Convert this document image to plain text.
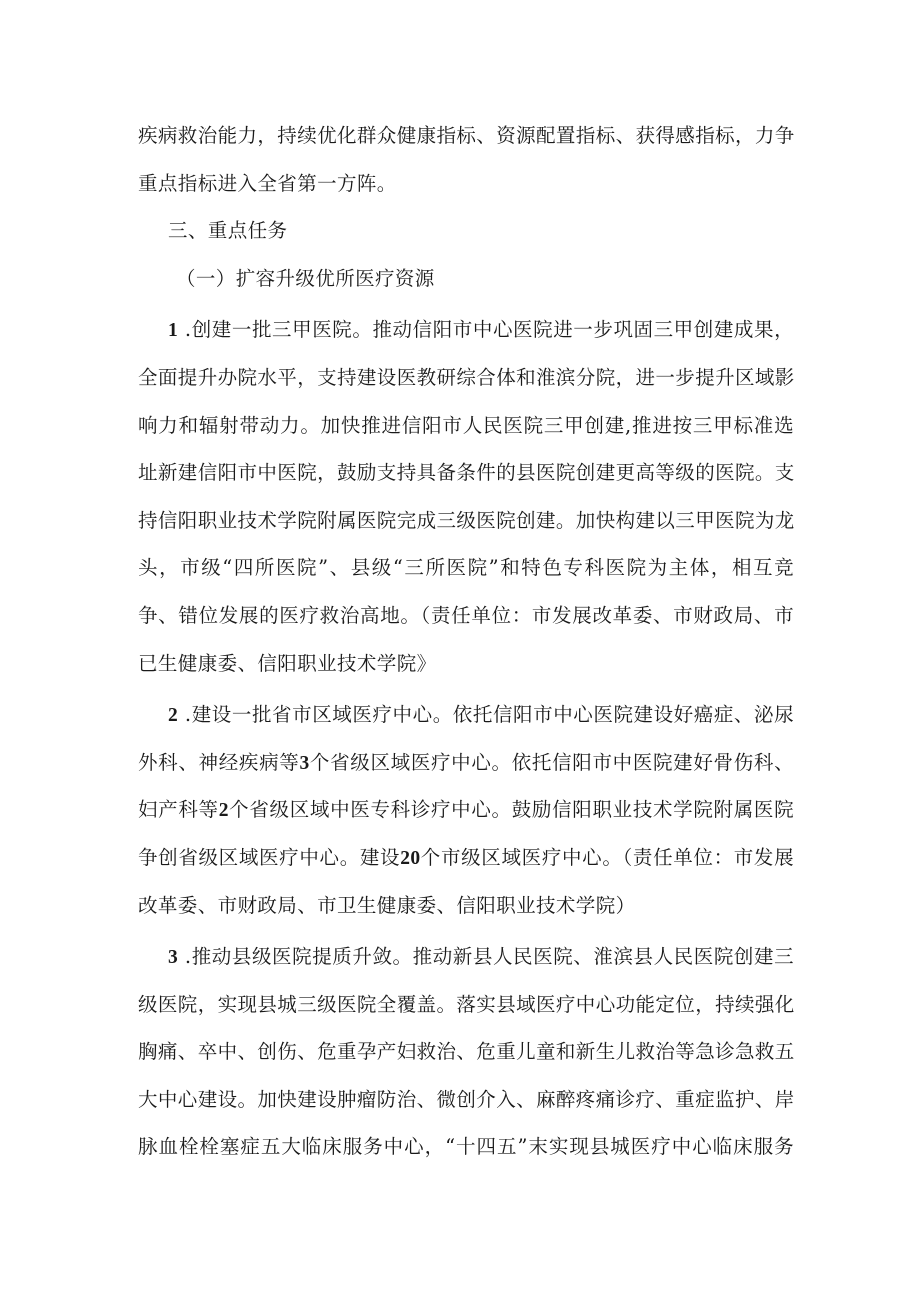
疾病救治能力，持续优化群众健康指标、资源配置指标、获得感指标，力争
重点指标进入全省第一方阵。
三、重点任务
（一）扩容升级优所医疗资源
1 .创建一批三甲医院。推动信阳市中心医院进一步巩固三甲创建成果，
全面提升办院水平，支持建设医教研综合体和淮滨分院，进一步提升区域影
响力和辐射带动力。加快推进信阳市人民医院三甲创建,推进按三甲标准选
址新建信阳市中医院，鼓励支持具备条件的县医院创建更高等级的医院。支
持信阳职业技术学院附属医院完成三级医院创建。加快构建以三甲医院为龙
头，市级“四所医院”、县级“三所医院”和特色专科医院为主体，相互竞
争、错位发展的医疗救治高地。（责任单位：市发展改革委、市财政局、市
已生健康委、信阳职业技术学院》
2 .建设一批省市区域医疗中心。依托信阳市中心医院建设好癌症、泌尿
外科、神经疾病等3个省级区域医疗中心。依托信阳市中医院建好骨伤科、
妇产科等2个省级区域中医专科诊疗中心。鼓励信阳职业技术学院附属医院
争创省级区域医疗中心。建设20个市级区域医疗中心。（责任单位：市发展
改革委、市财政局、市卫生健康委、信阳职业技术学院）
3 .推动县级医院提质升敛。推动新县人民医院、淮滨县人民医院创建三
级医院，实现县城三级医院全覆盖。落实县域医疗中心功能定位，持续强化
胸痛、卒中、创伤、危重孕产妇救治、危重儿童和新生儿救治等急诊急救五
大中心建设。加快建设肿瘤防治、微创介入、麻醉疼痛诊疗、重症监护、岸
脉血栓栓塞症五大临床服务中心，“十四五”末实现县城医疗中心临床服务
